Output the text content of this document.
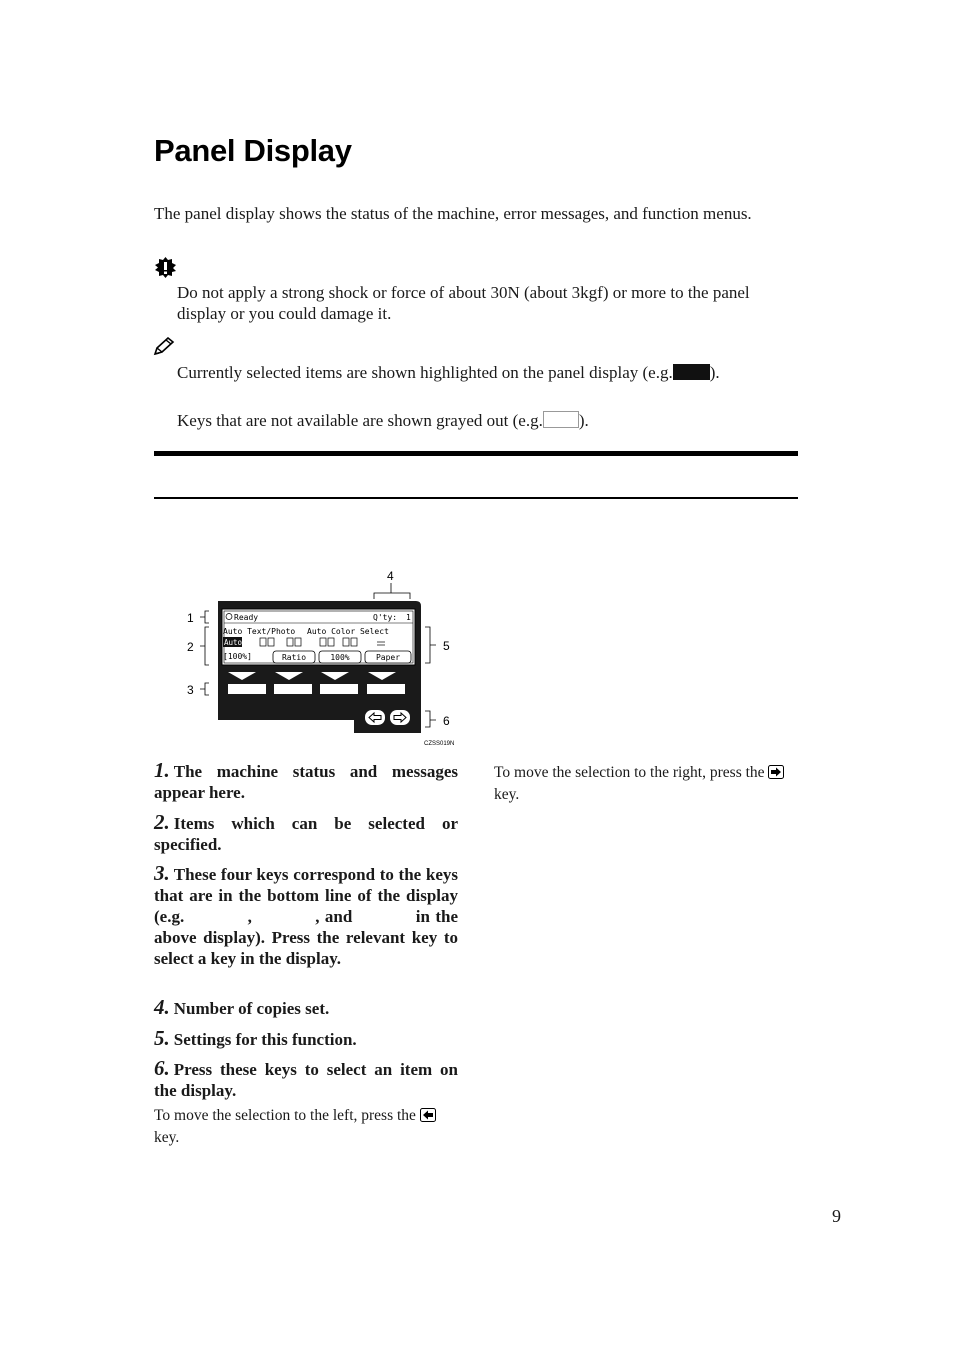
Panel Display
The panel display shows the status of the machine, error messages, and function menus.
Do not apply a strong shock or force of about 30N (about 3kgf) or more to the panel display or you could damage it.
Currently selected items are shown highlighted on the panel display (e.g. ).
Keys that are not available are shown grayed out (e.g. ).
Ready	Q'ty: 1
Auto Text/Photo Auto Color Select
Auto
[100%]	Ratio	100%	Paper
1
2
3
4
5
6
CZSS019N
1. The machine status and messages appear here.
2. Items which can be selected or specified.
3. These four keys correspond to the keys that are in the bottom line of the display (e.g.	,	, and	in the above display). Press the relevant key to select a key in the display.
4. Number of copies set.
5. Settings for this function.
6. Press these keys to select an item on the display.
To move the selection to the left, press the  key.
To move the selection to the right, press the  key.
9
